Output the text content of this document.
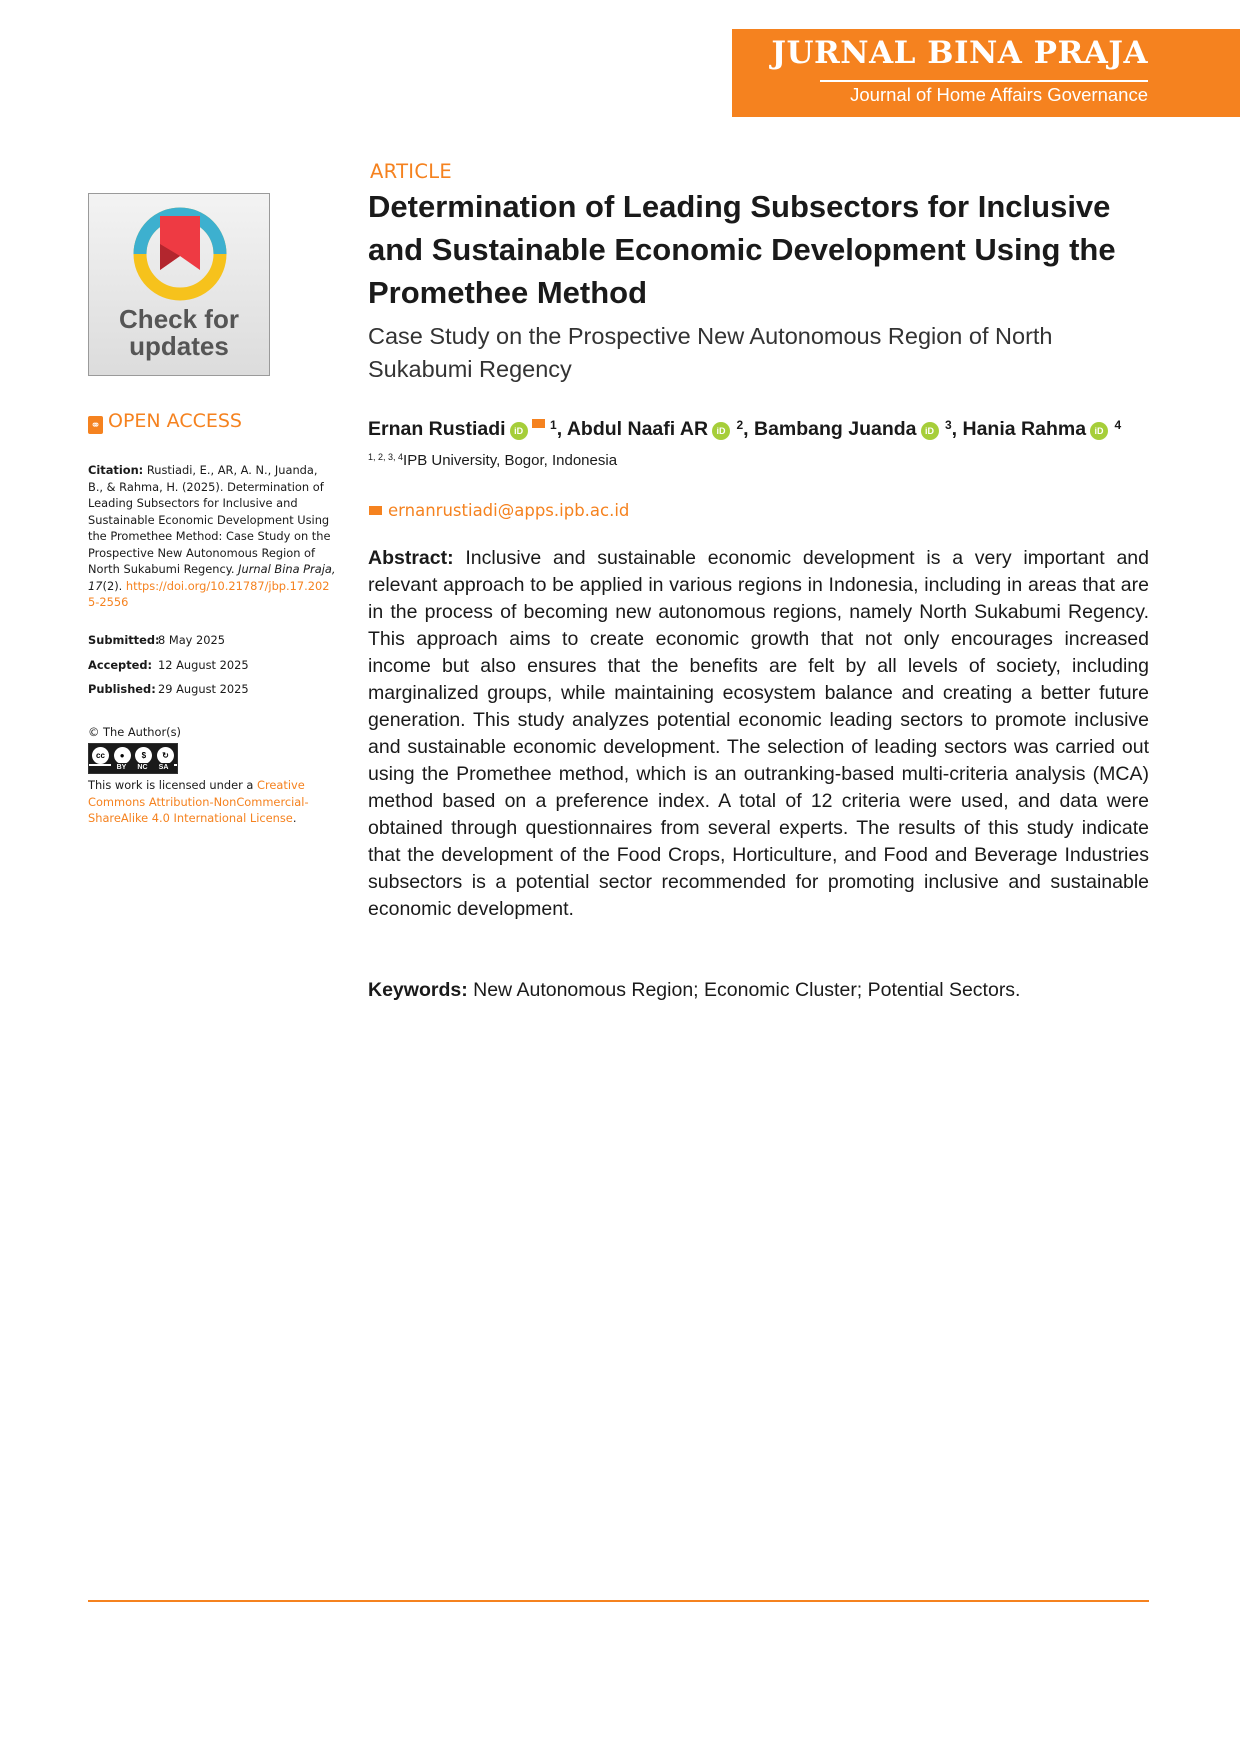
JURNAL BINA PRAJA
Journal of Home Affairs Governance
Check for
updates
⚭ OPEN ACCESS
Citation: Rustiadi, E., AR, A. N., Juanda, B., & Rahma, H. (2025). Determination of Leading Subsectors for Inclusive and Sustainable Economic Development Using the Promethee Method: Case Study on the Prospective New Autonomous Region of North Sukabumi Regency. Jurnal Bina Praja, 17(2). https://doi.org/10.21787/jbp.17.2025-2556
Submitted:8 May 2025
Accepted: 12 August 2025
Published: 29 August 2025
© The Author(s)
cc	●	$	↻
BY NC SA
This work is licensed under a Creative Commons Attribution-NonCommercial-ShareAlike 4.0 International License.
ARTICLE
Determination of Leading Subsectors for Inclusive and Sustainable Economic Development Using the Promethee Method
Case Study on the Prospective New Autonomous Region of North Sukabumi Regency
Ernan Rustiadi iD $^1$, Abdul Naafi AR iD $^2$, Bambang Juanda iD $^3$, Hania Rahma iD $^4$
$^{1, 2, 3, 4}$IPB University, Bogor, Indonesia
ernanrustiadi@apps.ipb.ac.id
Abstract: Inclusive and sustainable economic development is a very important and relevant approach to be applied in various regions in Indonesia, including in areas that are in the process of becoming new autonomous regions, namely North Sukabumi Regency. This approach aims to create economic growth that not only encourages increased income but also ensures that the benefits are felt by all levels of society, including marginalized groups, while maintaining ecosystem balance and creating a better future generation. This study analyzes potential economic leading sectors to promote inclusive and sustainable economic development. The selection of leading sectors was carried out using the Promethee method, which is an outranking-based multi-criteria analysis (MCA) method based on a preference index. A total of 12 criteria were used, and data were obtained through questionnaires from several experts. The results of this study indicate that the development of the Food Crops, Horticulture, and Food and Beverage Industries subsectors is a potential sector recommended for promoting inclusive and sustainable economic development.
Keywords: New Autonomous Region; Economic Cluster; Potential Sectors.
